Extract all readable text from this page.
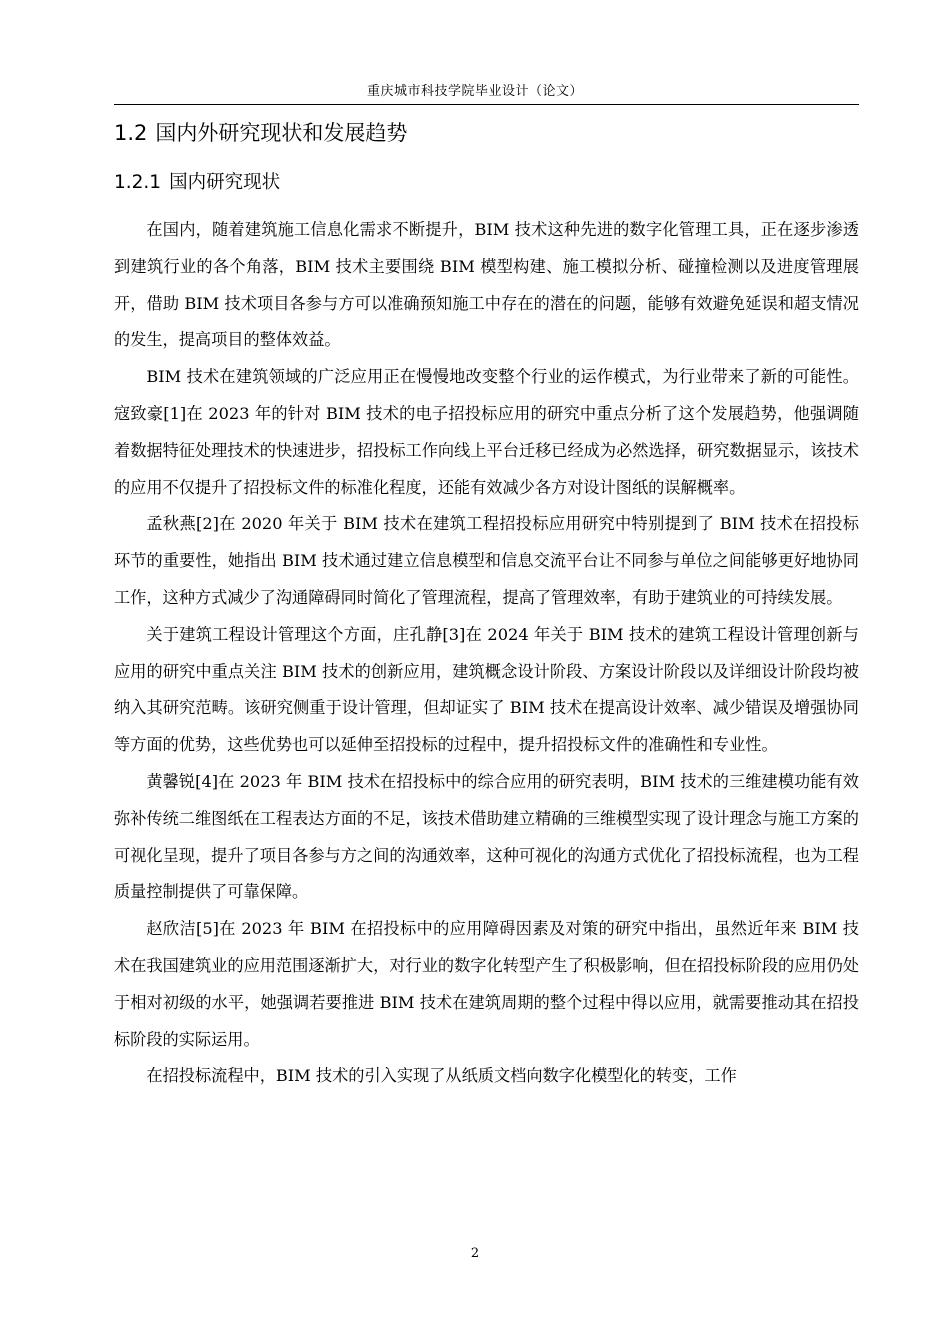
重庆城市科技学院毕业设计（论文）
1.2 国内外研究现状和发展趋势
1.2.1 国内研究现状

在国内，随着建筑施工信息化需求不断提升，BIM 技术这种先进的数字化管理工具，正在逐步渗透到建筑行业的各个角落，BIM 技术主要围绕 BIM 模型构建、施工模拟分析、碰撞检测以及进度管理展开，借助 BIM 技术项目各参与方可以准确预知施工中存在的潜在的问题，能够有效避免延误和超支情况的发生，提高项目的整体效益。

BIM 技术在建筑领域的广泛应用正在慢慢地改变整个行业的运作模式，为行业带来了新的可能性。寇致豪[1]在 2023 年的针对 BIM 技术的电子招投标应用的研究中重点分析了这个发展趋势，他强调随着数据特征处理技术的快速进步，招投标工作向线上平台迁移已经成为必然选择，研究数据显示，该技术的应用不仅提升了招投标文件的标准化程度，还能有效减少各方对设计图纸的误解概率。

孟秋燕[2]在 2020 年关于 BIM 技术在建筑工程招投标应用研究中特别提到了 BIM 技术在招投标环节的重要性，她指出 BIM 技术通过建立信息模型和信息交流平台让不同参与单位之间能够更好地协同工作，这种方式减少了沟通障碍同时简化了管理流程，提高了管理效率，有助于建筑业的可持续发展。

关于建筑工程设计管理这个方面，庄孔静[3]在 2024 年关于 BIM 技术的建筑工程设计管理创新与应用的研究中重点关注 BIM 技术的创新应用，建筑概念设计阶段、方案设计阶段以及详细设计阶段均被纳入其研究范畴。该研究侧重于设计管理，但却证实了 BIM 技术在提高设计效率、减少错误及增强协同等方面的优势，这些优势也可以延伸至招投标的过程中，提升招投标文件的准确性和专业性。

黄馨锐[4]在 2023 年 BIM 技术在招投标中的综合应用的研究表明，BIM 技术的三维建模功能有效弥补传统二维图纸在工程表达方面的不足，该技术借助建立精确的三维模型实现了设计理念与施工方案的可视化呈现，提升了项目各参与方之间的沟通效率，这种可视化的沟通方式优化了招投标流程，也为工程质量控制提供了可靠保障。

赵欣洁[5]在 2023 年 BIM 在招投标中的应用障碍因素及对策的研究中指出，虽然近年来 BIM 技术在我国建筑业的应用范围逐渐扩大，对行业的数字化转型产生了积极影响，但在招投标阶段的应用仍处于相对初级的水平，她强调若要推进 BIM 技术在建筑周期的整个过程中得以应用，就需要推动其在招投标阶段的实际运用。

在招投标流程中，BIM 技术的引入实现了从纸质文档向数字化模型化的转变，工作

2
